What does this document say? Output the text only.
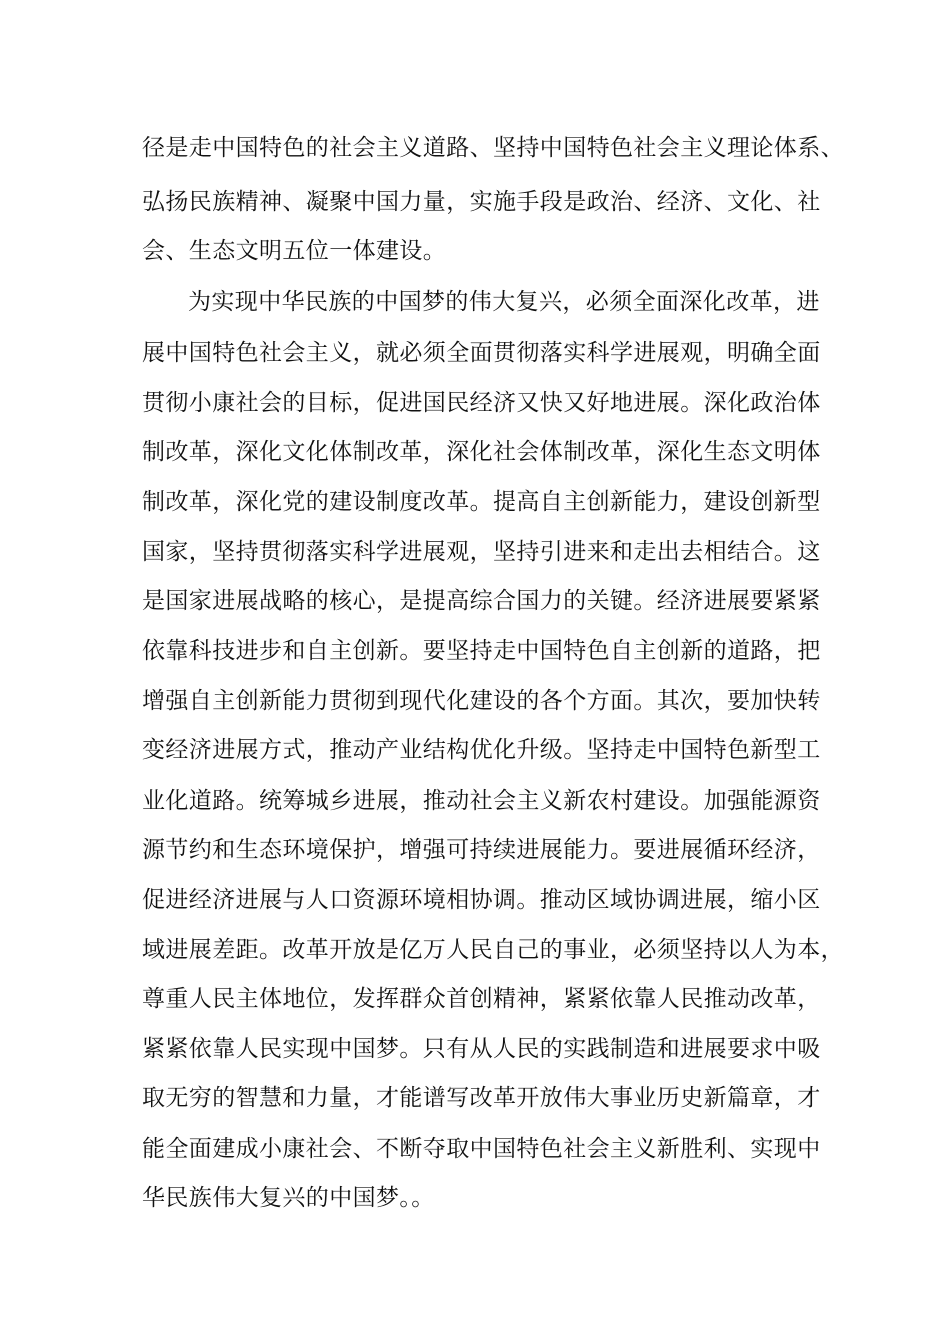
径是走中国特色的社会主义道路、坚持中国特色社会主义理论体系、
弘扬民族精神、凝聚中国力量，实施手段是政治、经济、文化、社
会、生态文明五位一体建设。
为实现中华民族的中国梦的伟大复兴，必须全面深化改革，进
展中国特色社会主义，就必须全面贯彻落实科学进展观，明确全面
贯彻小康社会的目标，促进国民经济又快又好地进展。深化政治体
制改革，深化文化体制改革，深化社会体制改革，深化生态文明体
制改革，深化党的建设制度改革。提高自主创新能力，建设创新型
国家，坚持贯彻落实科学进展观，坚持引进来和走出去相结合。这
是国家进展战略的核心，是提高综合国力的关键。经济进展要紧紧
依靠科技进步和自主创新。要坚持走中国特色自主创新的道路，把
增强自主创新能力贯彻到现代化建设的各个方面。其次，要加快转
变经济进展方式，推动产业结构优化升级。坚持走中国特色新型工
业化道路。统筹城乡进展，推动社会主义新农村建设。加强能源资
源节约和生态环境保护，增强可持续进展能力。要进展循环经济，
促进经济进展与人口资源环境相协调。推动区域协调进展，缩小区
域进展差距。改革开放是亿万人民自己的事业，必须坚持以人为本，
尊重人民主体地位，发挥群众首创精神，紧紧依靠人民推动改革，
紧紧依靠人民实现中国梦。只有从人民的实践制造和进展要求中吸
取无穷的智慧和力量，才能谱写改革开放伟大事业历史新篇章，才
能全面建成小康社会、不断夺取中国特色社会主义新胜利、实现中
华民族伟大复兴的中国梦。。
